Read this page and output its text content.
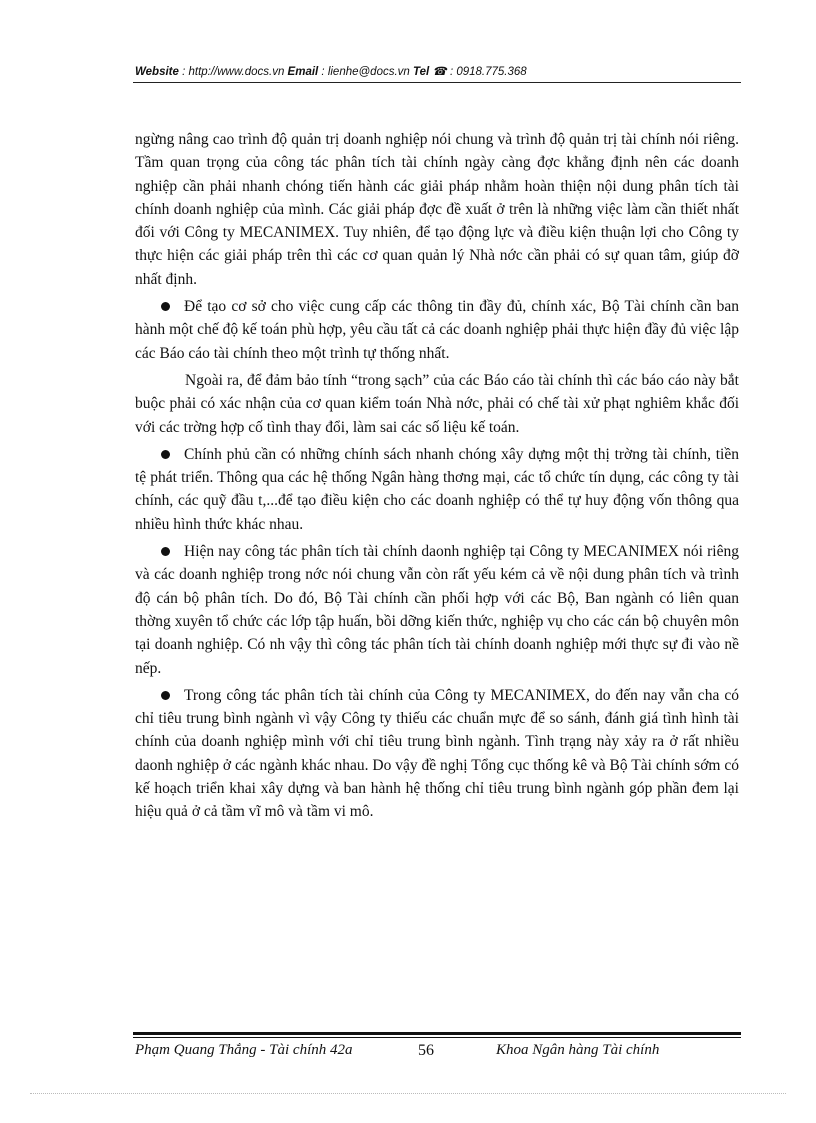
Website : http://www.docs.vn Email : lienhe@docs.vn Tel ☎ : 0918.775.368

ngừng nâng cao trình độ quản trị doanh nghiệp nói chung và trình độ quản trị tài chính nói riêng. Tầm quan trọng của công tác phân tích tài chính ngày càng đợc khẳng định nên các doanh nghiệp cần phải nhanh chóng tiến hành các giải pháp nhằm hoàn thiện nội dung phân tích tài chính doanh nghiệp của mình. Các giải pháp đợc đề xuất ở trên là những việc làm cần thiết nhất đối với Công ty MECANIMEX. Tuy nhiên, để tạo động lực và điều kiện thuận lợi cho Công ty thực hiện các giải pháp trên thì các cơ quan quản lý Nhà nớc cần phải có sự quan tâm, giúp đỡ nhất định.

Để tạo cơ sở cho việc cung cấp các thông tin đầy đủ, chính xác, Bộ Tài chính cần ban hành một chế độ kế toán phù hợp, yêu cầu tất cả các doanh nghiệp phải thực hiện đầy đủ việc lập các Báo cáo tài chính theo một trình tự thống nhất.

Ngoài ra, để đảm bảo tính “trong sạch” của các Báo cáo tài chính thì các báo cáo này bắt buộc phải có xác nhận của cơ quan kiểm toán Nhà nớc, phải có chế tài xử phạt nghiêm khắc đối với các trờng hợp cố tình thay đổi, làm sai các số liệu kế toán.

Chính phủ cần có những chính sách nhanh chóng xây dựng một thị trờng tài chính, tiền tệ phát triển. Thông qua các hệ thống Ngân hàng thơng mại, các tổ chức tín dụng, các công ty tài chính, các quỹ đầu t,...để tạo điều kiện cho các doanh nghiệp có thể tự huy động vốn thông qua nhiều hình thức khác nhau.

Hiện nay công tác phân tích tài chính daonh nghiệp tại Công ty MECANIMEX nói riêng và các doanh nghiệp trong nớc nói chung vẫn còn rất yếu kém cả về nội dung phân tích và trình độ cán bộ phân tích. Do đó, Bộ Tài chính cần phối hợp với các Bộ, Ban ngành có liên quan thờng xuyên tổ chức các lớp tập huấn, bồi dỡng kiến thức, nghiệp vụ cho các cán bộ chuyên môn tại doanh nghiệp. Có nh vậy thì công tác phân tích tài chính doanh nghiệp mới thực sự đi vào nề nếp.

Trong công tác phân tích tài chính của Công ty MECANIMEX, do đến nay vẫn cha có chỉ tiêu trung bình ngành vì vậy Công ty thiếu các chuẩn mực để so sánh, đánh giá tình hình tài chính của doanh nghiệp mình với chỉ tiêu trung bình ngành. Tình trạng này xảy ra ở rất nhiều daonh nghiệp ở các ngành khác nhau. Do vậy đề nghị Tổng cục thống kê và Bộ Tài chính sớm có kế hoạch triển khai xây dựng và ban hành hệ thống chỉ tiêu trung bình ngành góp phần đem lại hiệu quả ở cả tầm vĩ mô và tầm vi mô.

Phạm Quang Thắng - Tài chính 42a	56	Khoa Ngân hàng Tài chính
